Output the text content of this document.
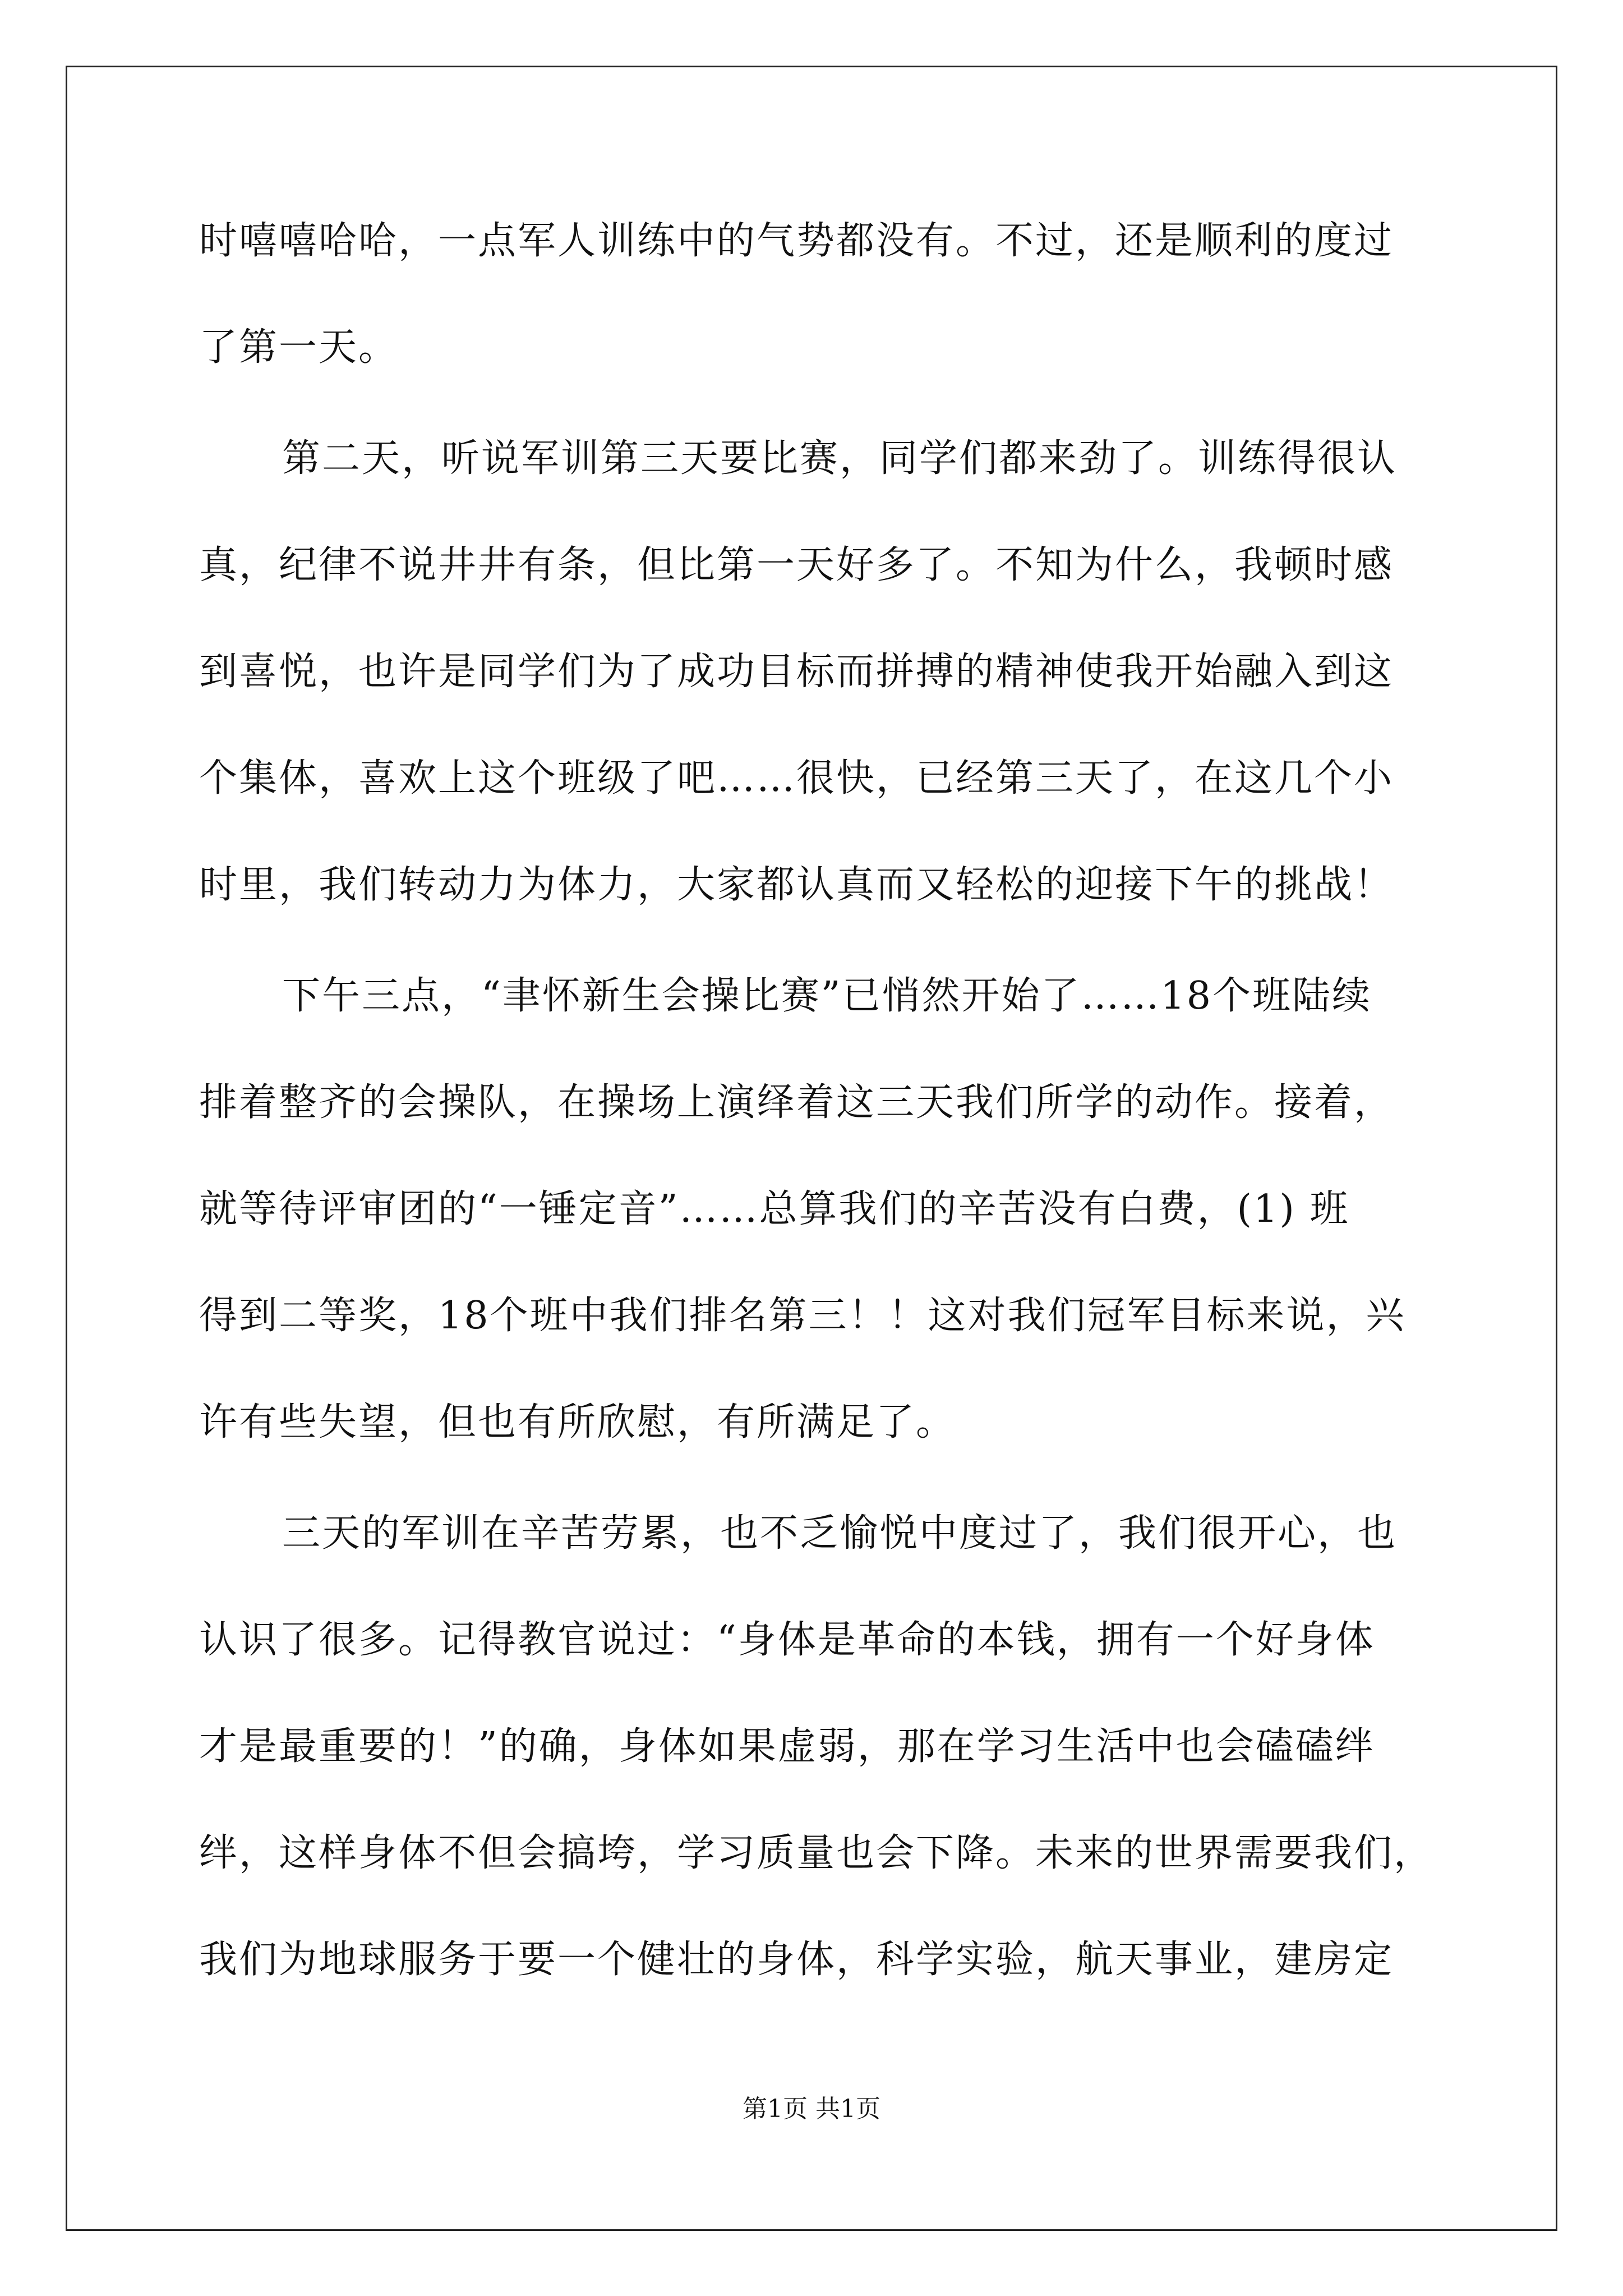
时嘻嘻哈哈，一点军人训练中的气势都没有。不过，还是顺利的度过
了第一天。
第二天，听说军训第三天要比赛，同学们都来劲了。训练得很认
真，纪律不说井井有条，但比第一天好多了。不知为什么，我顿时感
到喜悦，也许是同学们为了成功目标而拼搏的精神使我开始融入到这
个集体，喜欢上这个班级了吧……很快，已经第三天了，在这几个小
时里，我们转动力为体力，大家都认真而又轻松的迎接下午的挑战！
下午三点，“聿怀新生会操比赛”已悄然开始了……18个班陆续
排着整齐的会操队，在操场上演绎着这三天我们所学的动作。接着，
就等待评审团的“一锤定音”……总算我们的辛苦没有白费，(1) 班
得到二等奖，18个班中我们排名第三！！这对我们冠军目标来说，兴
许有些失望，但也有所欣慰，有所满足了。
三天的军训在辛苦劳累，也不乏愉悦中度过了，我们很开心，也
认识了很多。记得教官说过：“身体是革命的本钱，拥有一个好身体
才是最重要的！”的确，身体如果虚弱，那在学习生活中也会磕磕绊
绊，这样身体不但会搞垮，学习质量也会下降。未来的世界需要我们，
我们为地球服务于要一个健壮的身体，科学实验，航天事业，建房定
第1页 共1页
